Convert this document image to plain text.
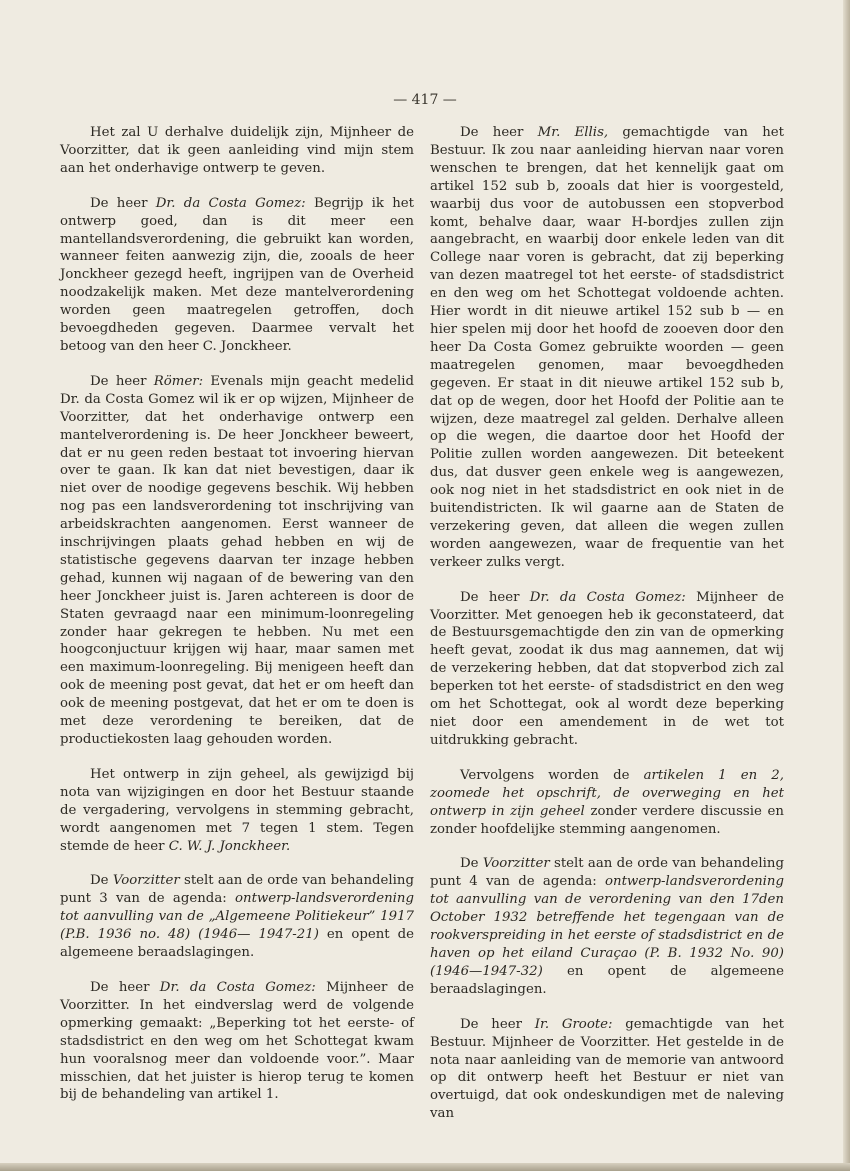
— 417 —

Het zal U derhalve duidelijk zijn, Mijnheer de Voorzitter, dat ik geen aanleiding vind mijn stem aan het onderhavige ontwerp te geven.

De heer Dr. da Costa Gomez: Begrijp ik het ontwerp goed, dan is dit meer een mantellandsverordening, die gebruikt kan worden, wanneer feiten aanwezig zijn, die, zooals de heer Jonckheer gezegd heeft, ingrijpen van de Overheid noodzakelijk maken. Met deze mantelverordening worden geen maatregelen getroffen, doch bevoegdheden gegeven. Daarmee vervalt het betoog van den heer C. Jonckheer.

De heer Römer: Evenals mijn geacht medelid Dr. da Costa Gomez wil ik er op wijzen, Mijnheer de Voorzitter, dat het onderhavige ontwerp een mantelverordening is. De heer Jonckheer beweert, dat er nu geen reden bestaat tot invoering hiervan over te gaan. Ik kan dat niet bevestigen, daar ik niet over de noodige gegevens beschik. Wij hebben nog pas een landsverordening tot inschrijving van arbeidskrachten aangenomen. Eerst wanneer de inschrijvingen plaats gehad hebben en wij de statistische gegevens daarvan ter inzage hebben gehad, kunnen wij nagaan of de bewering van den heer Jonckheer juist is. Jaren achtereen is door de Staten gevraagd naar een minimum-loonregeling zonder haar gekregen te hebben. Nu met een hoogconjuctuur krijgen wij haar, maar samen met een maximum-loonregeling. Bij menigeen heeft dan ook de meening post gevat, dat het er om heeft dan ook de meening postgevat, dat het er om te doen is met deze verordening te bereiken, dat de productiekosten laag gehouden worden.

Het ontwerp in zijn geheel, als gewijzigd bij nota van wijzigingen en door het Bestuur staande de vergadering, vervolgens in stemming gebracht, wordt aangenomen met 7 tegen 1 stem. Tegen stemde de heer C. W. J. Jonckheer.

De Voorzitter stelt aan de orde van behandeling punt 3 van de agenda: ontwerp-landsverordening tot aanvulling van de „Algemeene Politiekeur” 1917 (P.B. 1936 no. 48) (1946— 1947-21) en opent de algemeene beraadslagingen.

De heer Dr. da Costa Gomez: Mijnheer de Voorzitter. In het eindverslag werd de volgende opmerking gemaakt: „Beperking tot het eerste- of stadsdistrict en den weg om het Schottegat kwam hun vooralsnog meer dan voldoende voor.”. Maar misschien, dat het juister is hierop terug te komen bij de behandeling van artikel 1.

De heer Mr. Ellis, gemachtigde van het Bestuur. Ik zou naar aanleiding hiervan naar voren wenschen te brengen, dat het kennelijk gaat om artikel 152 sub b, zooals dat hier is voorgesteld, waarbij dus voor de autobussen een stopverbod komt, behalve daar, waar H-bordjes zullen zijn aangebracht, en waarbij door enkele leden van dit College naar voren is gebracht, dat zij beperking van dezen maatregel tot het eerste- of stadsdistrict en den weg om het Schottegat voldoende achten. Hier wordt in dit nieuwe artikel 152 sub b — en hier spelen mij door het hoofd de zooeven door den heer Da Costa Gomez gebruikte woorden — geen maatregelen genomen, maar bevoegdheden gegeven. Er staat in dit nieuwe artikel 152 sub b, dat op de wegen, door het Hoofd der Politie aan te wijzen, deze maatregel zal gelden. Derhalve alleen op die wegen, die daartoe door het Hoofd der Politie zullen worden aangewezen. Dit beteekent dus, dat dusver geen enkele weg is aangewezen, ook nog niet in het stadsdistrict en ook niet in de buitendistricten. Ik wil gaarne aan de Staten de verzekering geven, dat alleen die wegen zullen worden aangewezen, waar de frequentie van het verkeer zulks vergt.

De heer Dr. da Costa Gomez: Mijnheer de Voorzitter. Met genoegen heb ik geconstateerd, dat de Bestuursgemachtigde den zin van de opmerking heeft gevat, zoodat ik dus mag aannemen, dat wij de verzekering hebben, dat dat stopverbod zich zal beperken tot het eerste- of stadsdistrict en den weg om het Schottegat, ook al wordt deze beperking niet door een amendement in de wet tot uitdrukking gebracht.

Vervolgens worden de artikelen 1 en 2, zoomede het opschrift, de overweging en het ontwerp in zijn geheel zonder verdere discussie en zonder hoofdelijke stemming aangenomen.

De Voorzitter stelt aan de orde van behandeling punt 4 van de agenda: ontwerp-landsverordening tot aanvulling van de verordening van den 17den October 1932 betreffende het tegengaan van de rookverspreiding in het eerste of stadsdistrict en de haven op het eiland Curaçao (P. B. 1932 No. 90) (1946—1947-32) en opent de algemeene beraadslagingen.

De heer Ir. Groote: gemachtigde van het Bestuur. Mijnheer de Voorzitter. Het gestelde in de nota naar aanleiding van de memorie van antwoord op dit ontwerp heeft het Bestuur er niet van overtuigd, dat ook ondeskundigen met de naleving van
